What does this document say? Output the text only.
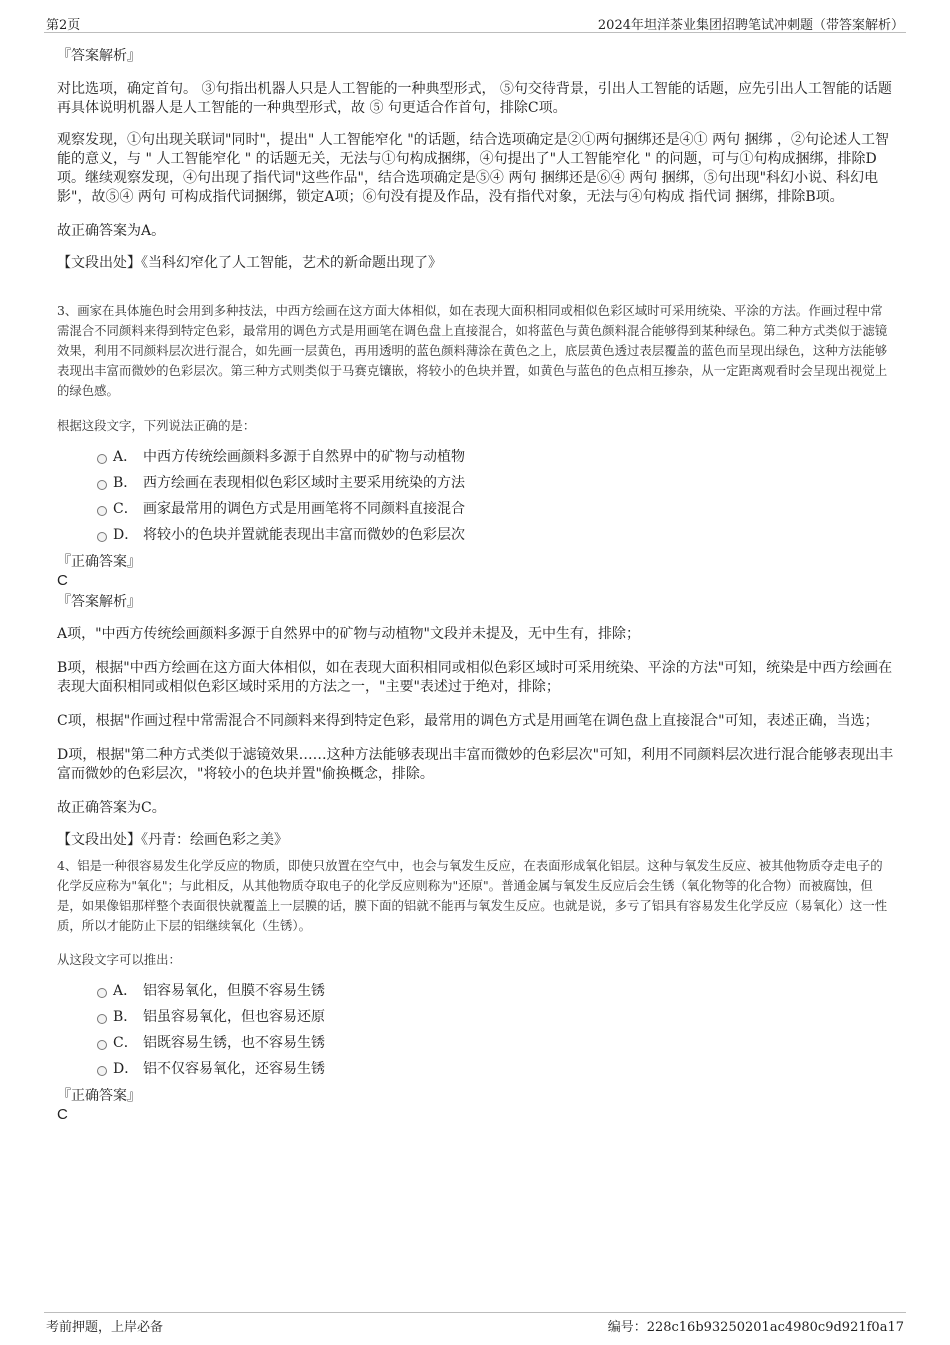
第2页	2024年坦洋茶业集团招聘笔试冲刺题（带答案解析）
『答案解析』

对比选项，确定首句。 ③句指出机器人只是人工智能的一种典型形式， ⑤句交待背景，引出人工智能的话题，应先引出人工智能的话题再具体说明机器人是人工智能的一种典型形式，故 ⑤ 句更适合作首句，排除C项。

观察发现，①句出现关联词"同时"，提出" 人工智能窄化 "的话题，结合选项确定是②①两句捆绑还是④① 两句 捆绑 ，②句论述人工智能的意义，与 " 人工智能窄化 " 的话题无关，无法与①句构成捆绑，④句提出了"人工智能窄化 " 的问题，可与①句构成捆绑，排除D项。继续观察发现，④句出现了指代词"这些作品"，结合选项确定是⑤④ 两句 捆绑还是⑥④ 两句 捆绑，⑤句出现"科幻小说、科幻电影"，故⑤④ 两句 可构成指代词捆绑，锁定A项；⑥句没有提及作品，没有指代对象，无法与④句构成 指代词 捆绑，排除B项。

故正确答案为A。

【文段出处】《当科幻窄化了人工智能，艺术的新命题出现了》

3、画家在具体施色时会用到多种技法，中西方绘画在这方面大体相似，如在表现大面积相同或相似色彩区域时可采用统染、平涂的方法。作画过程中常需混合不同颜料来得到特定色彩，最常用的调色方式是用画笔在调色盘上直接混合，如将蓝色与黄色颜料混合能够得到某种绿色。第二种方式类似于滤镜效果，利用不同颜料层次进行混合，如先画一层黄色，再用透明的蓝色颜料薄涂在黄色之上，底层黄色透过表层覆盖的蓝色而呈现出绿色，这种方法能够表现出丰富而微妙的色彩层次。第三种方式则类似于马赛克镶嵌，将较小的色块并置，如黄色与蓝色的色点相互掺杂，从一定距离观看时会呈现出视觉上的绿色感。

根据这段文字，下列说法正确的是：
A． 中西方传统绘画颜料多源于自然界中的矿物与动植物
B． 西方绘画在表现相似色彩区域时主要采用统染的方法
C． 画家最常用的调色方式是用画笔将不同颜料直接混合
D． 将较小的色块并置就能表现出丰富而微妙的色彩层次
『正确答案』
C
『答案解析』

A项，"中西方传统绘画颜料多源于自然界中的矿物与动植物"文段并未提及，无中生有，排除；

B项，根据"中西方绘画在这方面大体相似，如在表现大面积相同或相似色彩区域时可采用统染、平涂的方法"可知，统染是中西方绘画在表现大面积相同或相似色彩区域时采用的方法之一，"主要"表述过于绝对，排除；

C项，根据"作画过程中常需混合不同颜料来得到特定色彩，最常用的调色方式是用画笔在调色盘上直接混合"可知，表述正确，当选；

D项，根据"第二种方式类似于滤镜效果……这种方法能够表现出丰富而微妙的色彩层次"可知，利用不同颜料层次进行混合能够表现出丰富而微妙的色彩层次，"将较小的色块并置"偷换概念，排除。

故正确答案为C。

【文段出处】《丹青：绘画色彩之美》

4、铝是一种很容易发生化学反应的物质，即使只放置在空气中，也会与氧发生反应，在表面形成氧化铝层。这种与氧发生反应、被其他物质夺走电子的化学反应称为"氧化"；与此相反，从其他物质夺取电子的化学反应则称为"还原"。普通金属与氧发生反应后会生锈（氧化物等的化合物）而被腐蚀，但是，如果像铝那样整个表面很快就覆盖上一层膜的话，膜下面的铝就不能再与氧发生反应。也就是说，多亏了铝具有容易发生化学反应（易氧化）这一性质，所以才能防止下层的铝继续氧化（生锈）。

从这段文字可以推出：
A． 铝容易氧化，但膜不容易生锈
B． 铝虽容易氧化，但也容易还原
C． 铝既容易生锈，也不容易生锈
D． 铝不仅容易氧化，还容易生锈
『正确答案』
C
考前押题，上岸必备	编号：228c16b93250201ac4980c9d921f0a17
